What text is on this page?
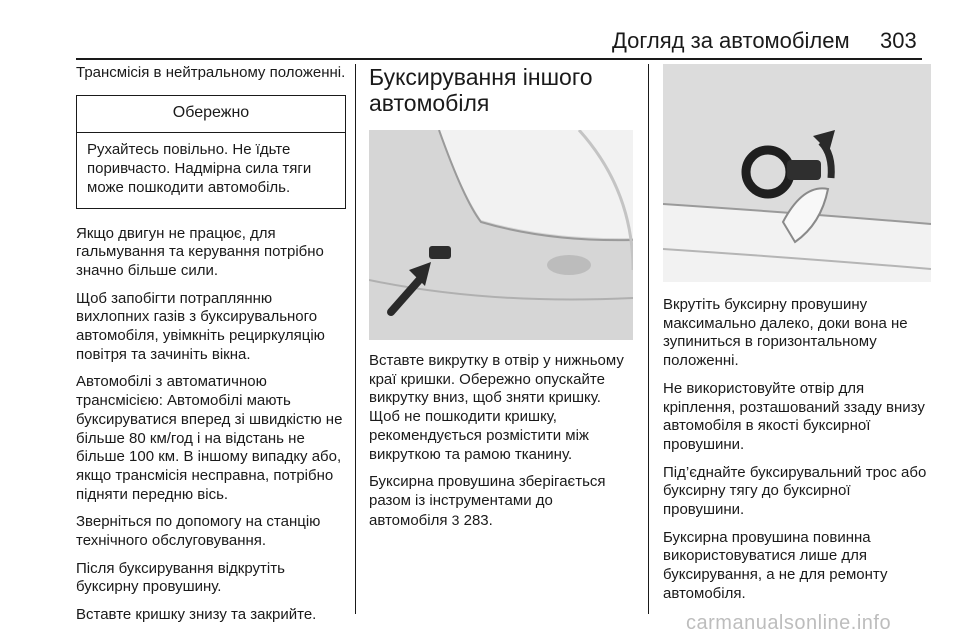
Догляд за автомобілем 303

Трансмісія в нейтральному положенні.

Обережно
Рухайтесь повільно. Не їдьте поривчасто. Надмірна сила тяги може пошкодити автомобіль.

Якщо двигун не працює, для гальмування та керування потрібно значно більше сили.

Щоб запобігти потраплянню вихлопних газів з буксирувального автомобіля, увімкніть рециркуляцію повітря та зачиніть вікна.

Автомобілі з автоматичною трансмісією: Автомобілі мають буксируватися вперед зі швидкістю не більше 80 км/год і на відстань не більше 100 км. В іншому випадку або, якщо трансмісія несправна, потрібно підняти передню вісь.

Зверніться по допомогу на станцію технічного обслуговування.

Після буксирування відкрутіть буксирну провушину.

Вставте кришку знизу та закрийте.

Буксирування іншого автомобіля

Вставте викрутку в отвір у нижньому краї кришки. Обережно опускайте викрутку вниз, щоб зняти кришку. Щоб не пошкодити кришку, рекомендується розмістити між викруткою та рамою тканину.

Буксирна провушина зберігається разом із інструментами до автомобіля 3 283.

Вкрутіть буксирну провушину максимально далеко, доки вона не зупиниться в горизонтальному положенні.

Не використовуйте отвір для кріплення, розташований ззаду внизу автомобіля в якості буксирної провушини.

Під’єднайте буксирувальний трос або буксирну тягу до буксирної провушини.

Буксирна провушина повинна використовуватися лише для буксирування, а не для ремонту автомобіля.

carmanualsonline.info
